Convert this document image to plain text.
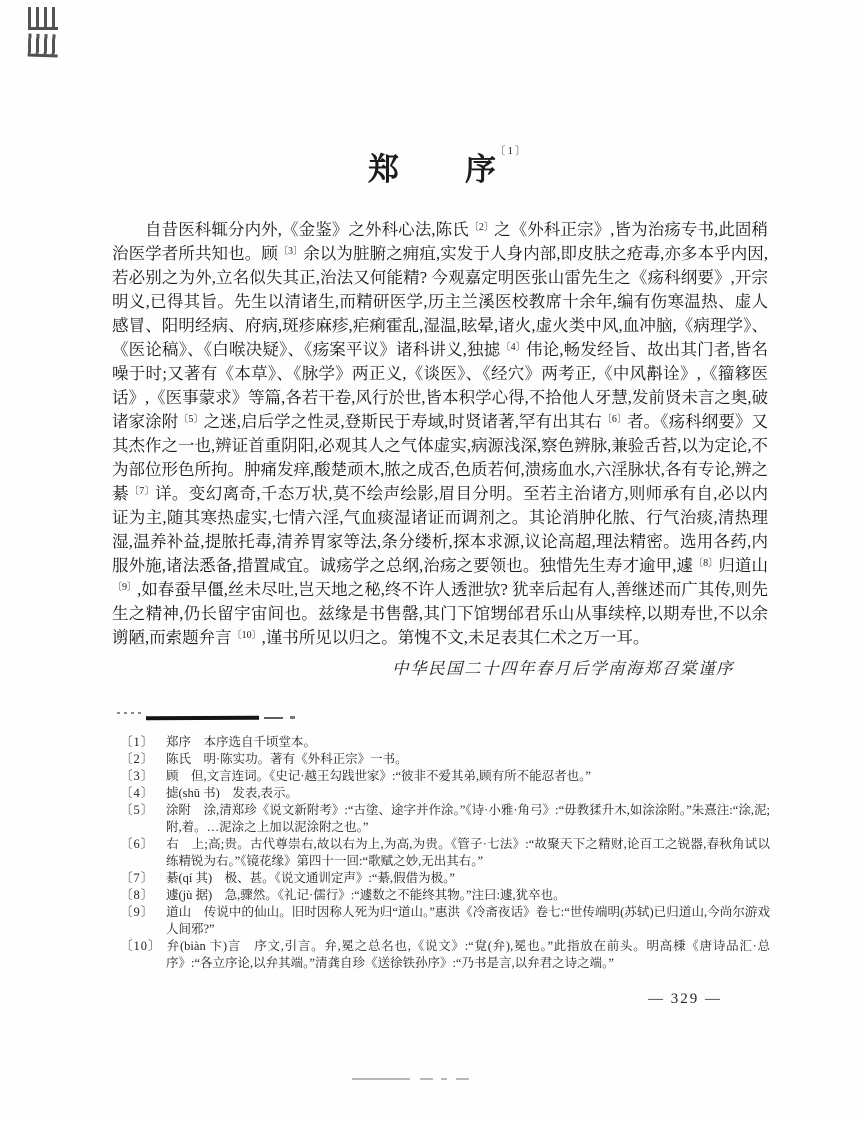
郑 序
〔1〕

自昔医科辄分内外,《金鉴》之外科心法,陈氏$^{〔2〕}$之《外科正宗》,皆为治疡专书,此固稍治医学者所共知也。顾$^{〔3〕}$余以为脏腑之痈疽,实发于人身内部,即皮肤之疮毒,亦多本乎内因,若必别之为外,立名似失其正,治法又何能精? 今观嘉定明医张山雷先生之《疡科纲要》,开宗明义,已得其旨。先生以清诸生,而精研医学,历主兰溪医校教席十余年,编有伤寒温热、虚人感冒、阳明经病、府病,斑疹麻疹,疟痢霍乱,湿温,眩晕,诸火,虚火类中风,血冲脑,《病理学》、《医论稿》、《白喉决疑》、《疡案平议》诸科讲义,独摅$^{〔4〕}$伟论,畅发经旨、故出其门者,皆名噪于时;又著有《本草》、《脉学》两正义,《谈医》、《经穴》两考正,《中风斠诠》,《籀簃医话》,《医事蒙求》等篇,各若干卷,风行於世,皆本积学心得,不拾他人牙慧,发前贤未言之奥,破诸家涂附$^{〔5〕}$之迷,启后学之性灵,登斯民于寿域,时贤诸著,罕有出其右$^{〔6〕}$者。《疡科纲要》又其杰作之一也,辨证首重阴阳,必观其人之气体虚实,病源浅深,察色辨脉,兼验舌苔,以为定论,不为部位形色所拘。肿痛发痒,酸楚顽木,脓之成否,色质若何,溃疡血水,六淫脉状,各有专论,辨之綦$^{〔7〕}$详。变幻离奇,千态万状,莫不绘声绘影,眉目分明。至若主治诸方,则师承有自,必以内证为主,随其寒热虚实,七情六淫,气血痰湿诸证而调剂之。其论消肿化脓、行气治痰,清热理湿,温养补益,提脓托毒,清养胃家等法,条分缕析,探本求源,议论高超,理法精密。选用各药,内服外施,诸法悉备,措置咸宜。诚疡学之总纲,治疡之要领也。独惜先生寿才逾甲,遽$^{〔8〕}$归道山$^{〔9〕}$,如春蚕早僵,丝未尽吐,岂天地之秘,终不许人透泄欤? 犹幸后起有人,善继述而广其传,则先生之精神,仍长留宇宙间也。兹缘是书售罄,其门下馆甥邰君乐山从事续梓,以期寿世,不以余谫陋,而索题弁言$^{〔10〕}$,谨书所见以归之。第愧不文,未足表其仁术之万一耳。

中华民国二十四年春月后学南海郑召棠谨序
〔1〕 郑序　本序选自千顷堂本。
〔2〕 陈氏　明·陈实功。著有《外科正宗》一书。
〔3〕 顾　但,文言连词。《史记·越王勾践世家》:“彼非不爱其弟,顾有所不能忍者也。”
〔4〕 摅(shū 书)　发表,表示。
〔5〕 涂附　涂,清郑珍《说文新附考》:“古塗、途字并作涂。”《诗·小雅·角弓》:“毋教猱升木,如涂涂附。”朱熹注:“涂,泥;附,着。…泥涂之上加以泥涂附之也。”
〔6〕 右　上;高;贵。古代尊崇右,故以右为上,为高,为贵。《管子·七法》:“故聚天下之精财,论百工之锐器,春秋角试以练精锐为右。”《镜花缘》第四十一回:“歌赋之妙,无出其右。”
〔7〕 綦(qí 其)　极、甚。《说文通训定声》:“綦,假借为极。”
〔8〕 遽(jù 据)　急,骤然。《礼记·儒行》:“遽数之不能终其物。”注曰:遽,犹卒也。
〔9〕 道山　传说中的仙山。旧时因称人死为归“道山。”惠洪《冷斋夜话》卷七:“世传端明(苏轼)已归道山,今尚尔游戏人间邪?”
〔10〕 弁(biàn 卞)言　序文,引言。弁,冕之总名也,《说文》:“覍(弁),冕也。”此指放在前头。明高棅《唐诗品汇·总序》:“各立序论,以弁其端。”清龚自珍《送徐铁孙序》:“乃书是言,以弁君之诗之端。”
— 329 —
